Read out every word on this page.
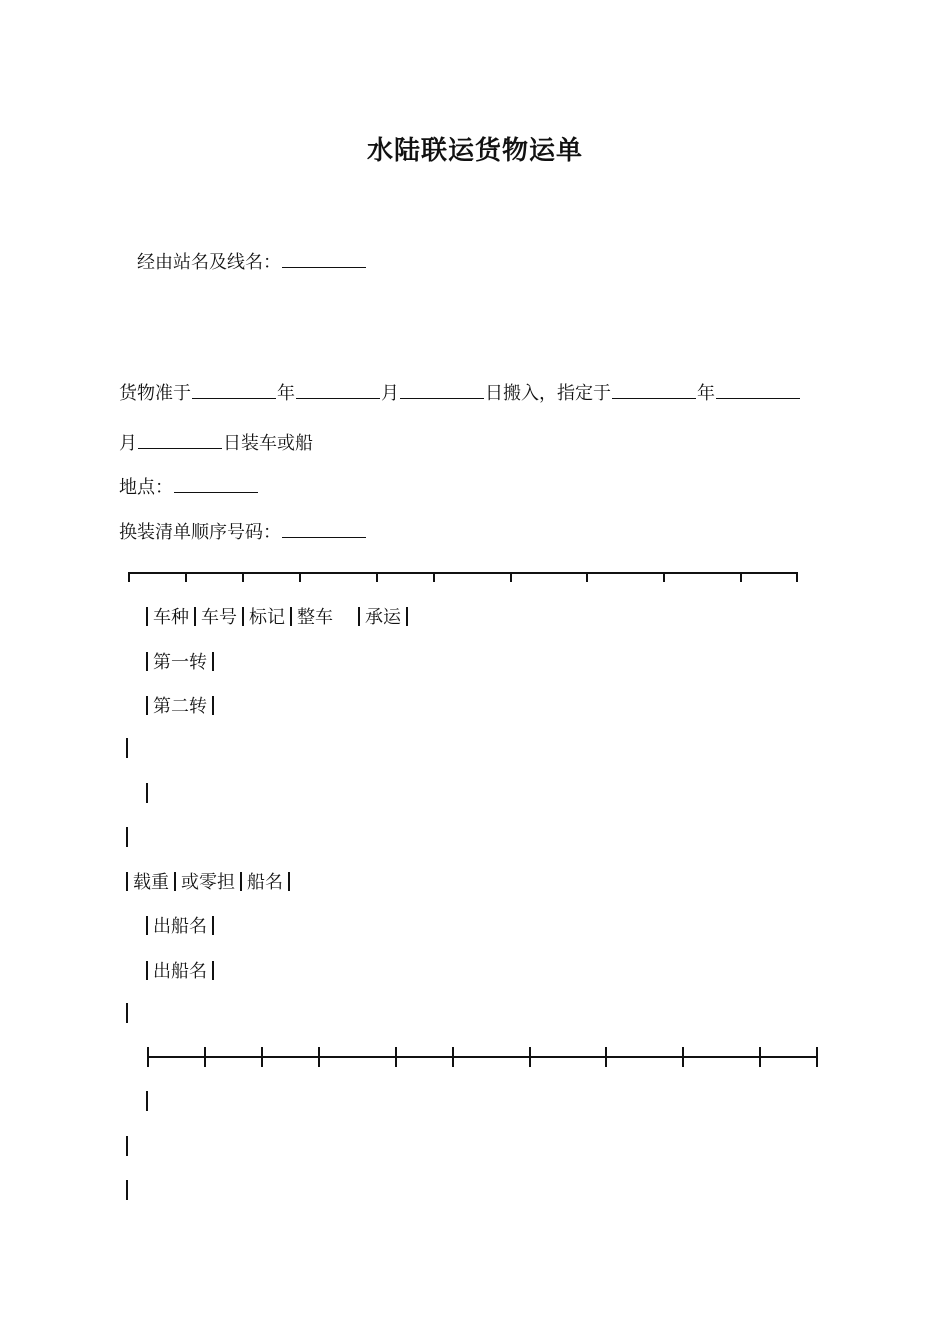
水陆联运货物运单
经由站名及线名：
货物准于	年	月	日搬入，指定于	年
月	日装车或船
地点：
换装清单顺序号码：
车种 车号 标记 整车 承运
第一转
第二转
载重 或零担 船名
出船名
出船名
